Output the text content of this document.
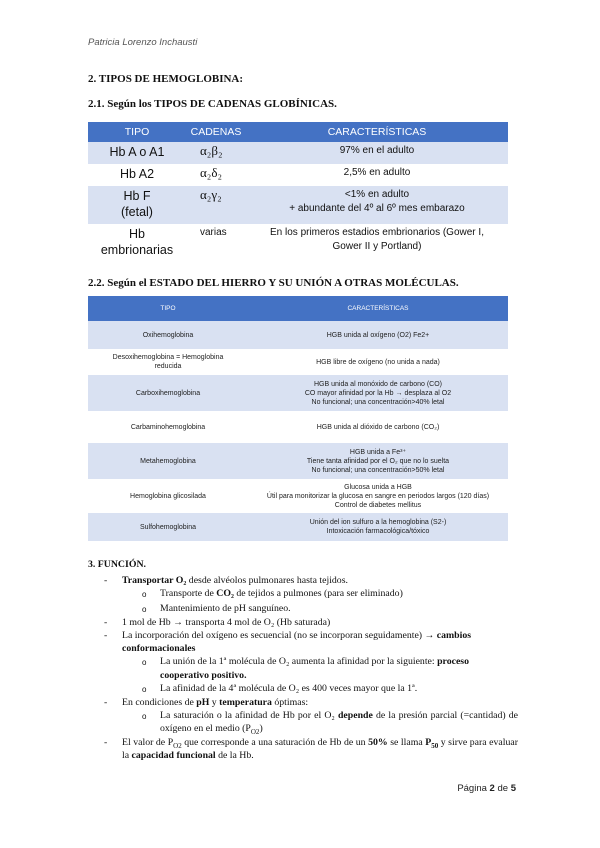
Patricia Lorenzo Inchausti
2. TIPOS DE HEMOGLOBINA:
2.1. Según los TIPOS DE CADENAS GLOBÍNICAS.
TIPO	CADENAS	CARACTERÍSTICAS
Hb A o A1	α₂β₂	97% en el adulto
Hb A2	α₂δ₂	2,5% en adulto
Hb F
(fetal)	α₂γ₂	<1% en adulto
+ abundante del 4º al 6º mes embarazo
Hb
embrionarias	varias	En los primeros estadios embrionarios (Gower I,
Gower II y Portland)
2.2. Según el ESTADO DEL HIERRO Y SU UNIÓN A OTRAS MOLÉCULAS.
TIPO	CARACTERÍSTICAS
Oxihemoglobina	HGB unida al oxígeno (O2) Fe2+
Desoxihemoglobina = Hemoglobina
reducida	HGB libre de oxígeno (no unida a nada)
Carboxihemoglobina	HGB unida al monóxido de carbono (CO)
CO mayor afinidad por la Hb → desplaza al O2
No funcional; una concentración>40% letal
Carbaminohemoglobina	HGB unida al dióxido de carbono (CO₂)
Metahemoglobina	HGB unida a Fe³⁺
Tiene tanta afinidad por el O₂ que no lo suelta
No funcional; una concentración>50% letal
Hemoglobina glicosilada	Glucosa unida a HGB
Útil para monitorizar la glucosa en sangre en periodos largos (120 días)
Control de diabetes mellitus
Sulfohemoglobina	Unión del ion sulfuro a la hemoglobina (S2-)
Intoxicación farmacológica/tóxico
3. FUNCIÓN.
-	Transportar O₂ desde alvéolos pulmonares hasta tejidos.
o	Transporte de CO₂ de tejidos a pulmones (para ser eliminado)
o	Mantenimiento de pH sanguíneo.
-	1 mol de Hb → transporta 4 mol de O₂ (Hb saturada)
-	La incorporación del oxígeno es secuencial (no se incorporan seguidamente) → cambios conformacionales
o	La unión de la 1ª molécula de O₂ aumenta la afinidad por la siguiente: proceso cooperativo positivo.
o	La afinidad de la 4ª molécula de O₂ es 400 veces mayor que la 1ª.
-	En condiciones de pH y temperatura óptimas:
o	La saturación o la afinidad de Hb por el O₂ depende de la presión parcial (=cantidad) de oxígeno en el medio $(P_{O2})$
-	El valor de $P_{O2}$ que corresponde a una saturación de Hb de un 50% se llama $P_{50}$ y sirve para evaluar la capacidad funcional de la Hb.
Página 2 de 5
